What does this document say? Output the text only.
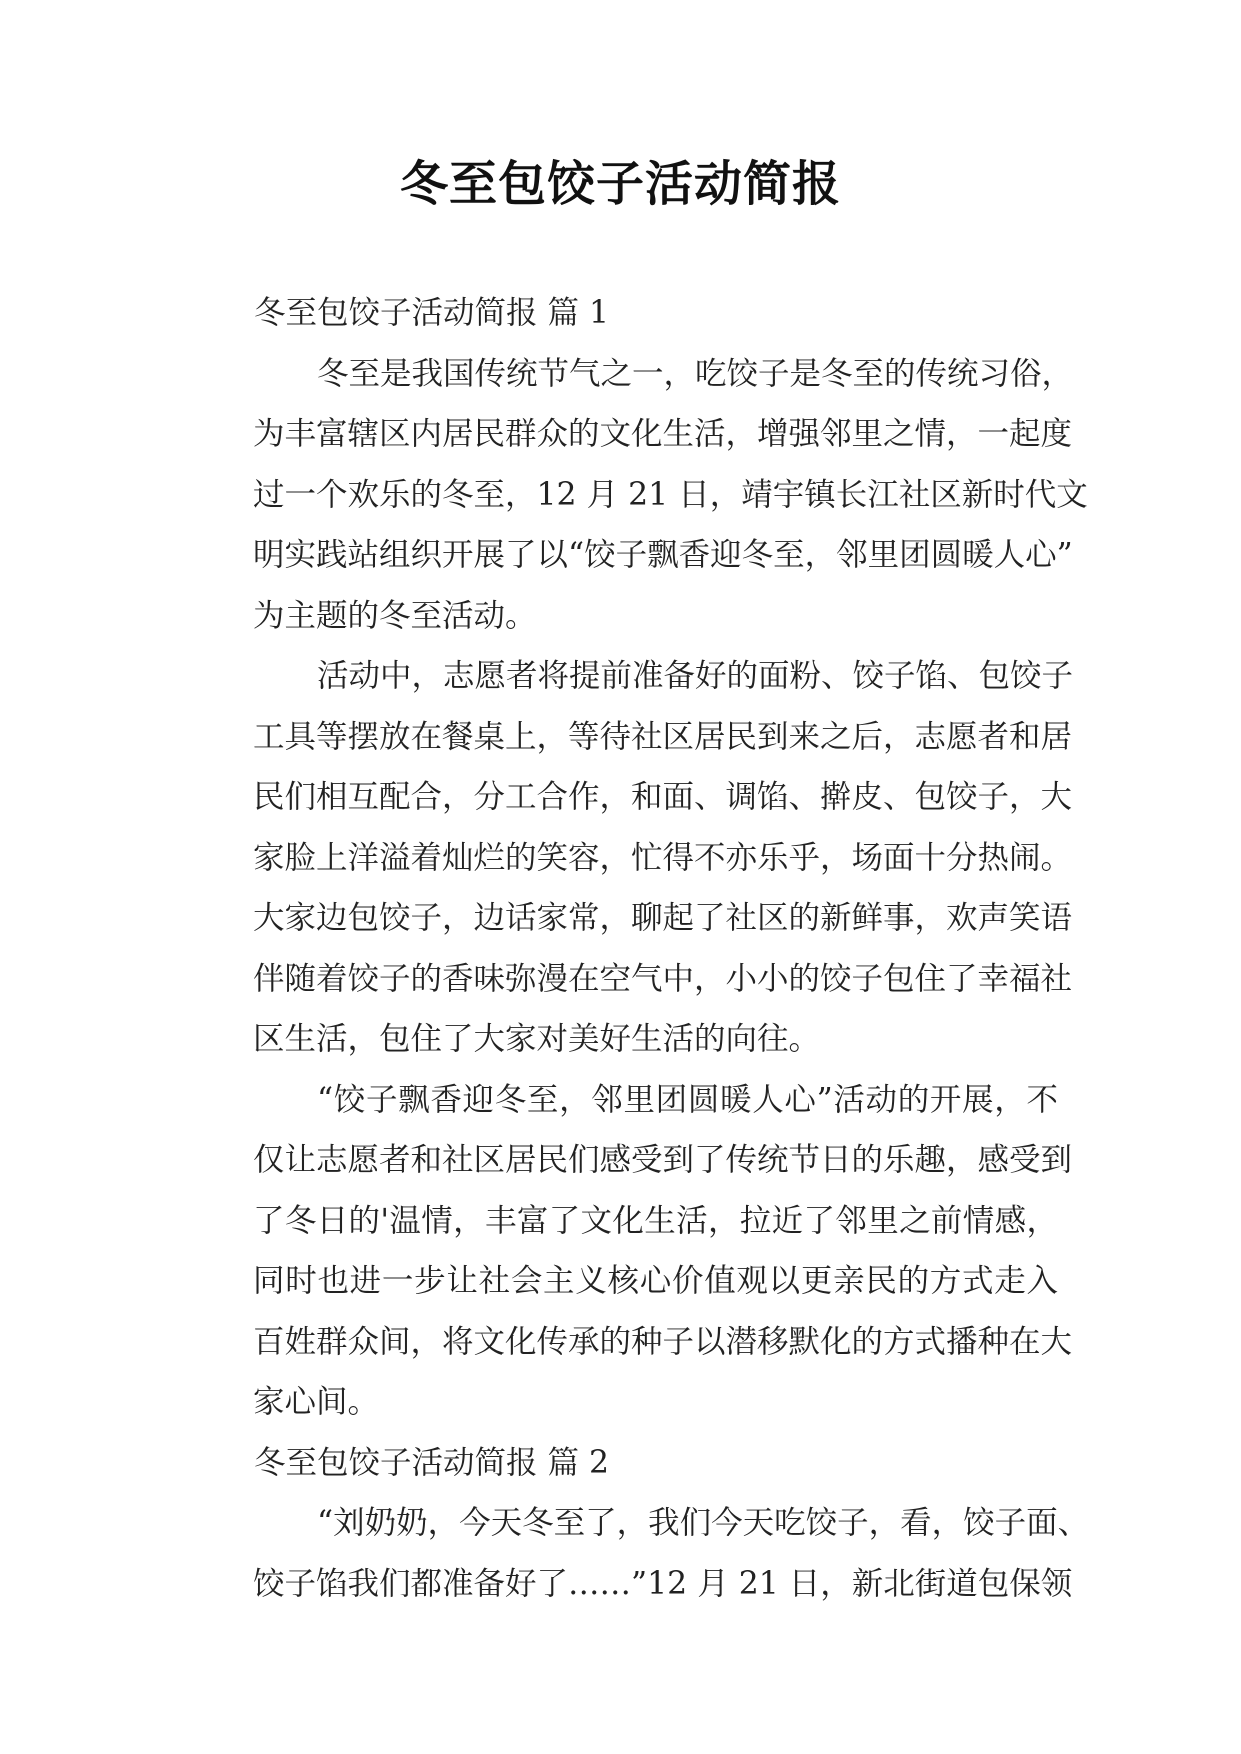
冬至包饺子活动简报
冬至包饺子活动简报 篇 1
冬至是我国传统节气之一，吃饺子是冬至的传统习俗，
为丰富辖区内居民群众的文化生活，增强邻里之情，一起度
过一个欢乐的冬至，12 月 21 日，靖宇镇长江社区新时代文
明实践站组织开展了以“饺子飘香迎冬至，邻里团圆暖人心”
为主题的冬至活动。
活动中，志愿者将提前准备好的面粉、饺子馅、包饺子
工具等摆放在餐桌上，等待社区居民到来之后，志愿者和居
民们相互配合，分工合作，和面、调馅、擀皮、包饺子，大
家脸上洋溢着灿烂的笑容，忙得不亦乐乎，场面十分热闹。
大家边包饺子，边话家常，聊起了社区的新鲜事，欢声笑语
伴随着饺子的香味弥漫在空气中，小小的饺子包住了幸福社
区生活，包住了大家对美好生活的向往。
“饺子飘香迎冬至，邻里团圆暖人心”活动的开展，不
仅让志愿者和社区居民们感受到了传统节日的乐趣，感受到
了冬日的'温情，丰富了文化生活，拉近了邻里之前情感，
同时也进一步让社会主义核心价值观以更亲民的方式走入
百姓群众间，将文化传承的种子以潜移默化的方式播种在大
家心间。
冬至包饺子活动简报 篇 2
“刘奶奶，今天冬至了，我们今天吃饺子，看，饺子面、
饺子馅我们都准备好了……”12 月 21 日，新北街道包保领
